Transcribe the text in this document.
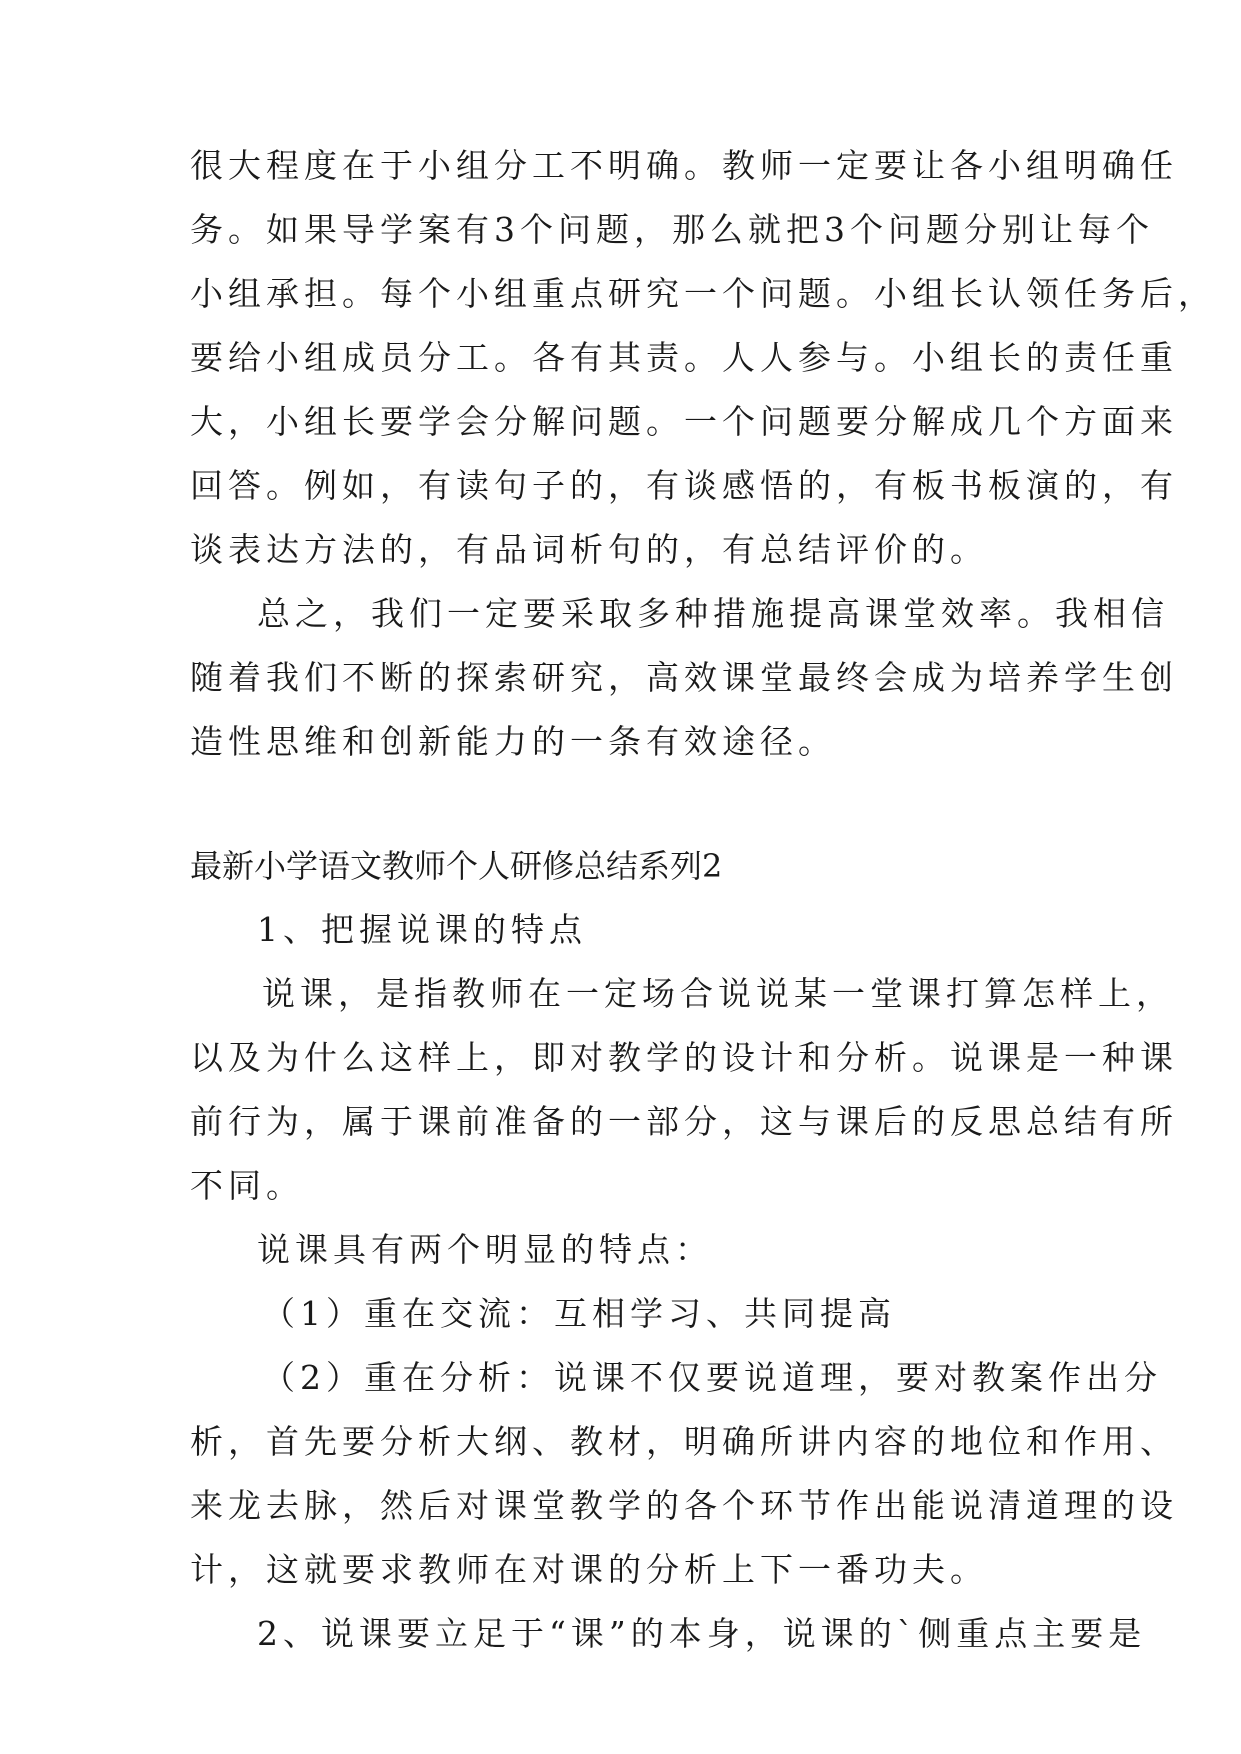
很大程度在于小组分工不明确。教师一定要让各小组明确任
务。如果导学案有3个问题，那么就把3个问题分别让每个
小组承担。每个小组重点研究一个问题。小组长认领任务后，
要给小组成员分工。各有其责。人人参与。小组长的责任重
大，小组长要学会分解问题。一个问题要分解成几个方面来
回答。例如，有读句子的，有谈感悟的，有板书板演的，有
谈表达方法的，有品词析句的，有总结评价的。
总之，我们一定要采取多种措施提高课堂效率。我相信
随着我们不断的探索研究，高效课堂最终会成为培养学生创
造性思维和创新能力的一条有效途径。
最新小学语文教师个人研修总结系列2
1、把握说课的特点
说课，是指教师在一定场合说说某一堂课打算怎样上，
以及为什么这样上，即对教学的设计和分析。说课是一种课
前行为，属于课前准备的一部分，这与课后的反思总结有所
不同。
说课具有两个明显的特点：
（1）重在交流：互相学习、共同提高
（2）重在分析：说课不仅要说道理，要对教案作出分
析，首先要分析大纲、教材，明确所讲内容的地位和作用、
来龙去脉，然后对课堂教学的各个环节作出能说清道理的设
计，这就要求教师在对课的分析上下一番功夫。
2、说课要立足于“课”的本身，说课的`侧重点主要是
